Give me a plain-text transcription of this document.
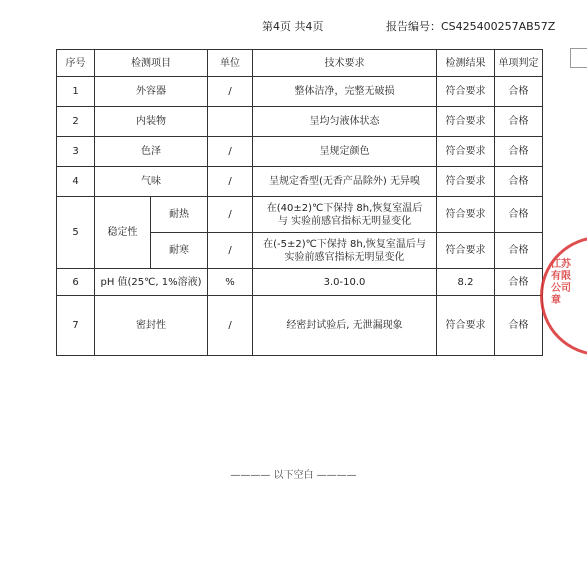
第4页 共4页	报告编号：CS425400257AB57Z
序号	检测项目		单位	技术要求	检测结果	单项判定
1	外容器		/	整体洁净，完整无破损	符合要求	合格
2	内装物			呈均匀液体状态	符合要求	合格
3	色泽		/	呈规定颜色	符合要求	合格
4	气味		/	呈规定香型(无香产品除外) 无异嗅	符合要求	合格
5	稳定性	耐热	/	在(40±2)℃下保持 8h,恢复室温后
与 实验前感官指标无明显变化	符合要求	合格
		耐寒	/	在(-5±2)℃下保持 8h,恢复室温后与
实验前感官指标无明显变化	符合要求	合格
6	pH 值(25℃, 1%溶液)		%	3.0-10.0	8.2	合格
7	密封性		/	经密封试验后, 无泄漏现象	符合要求	合格
江苏有限公司章
———— 以下空白 ————
